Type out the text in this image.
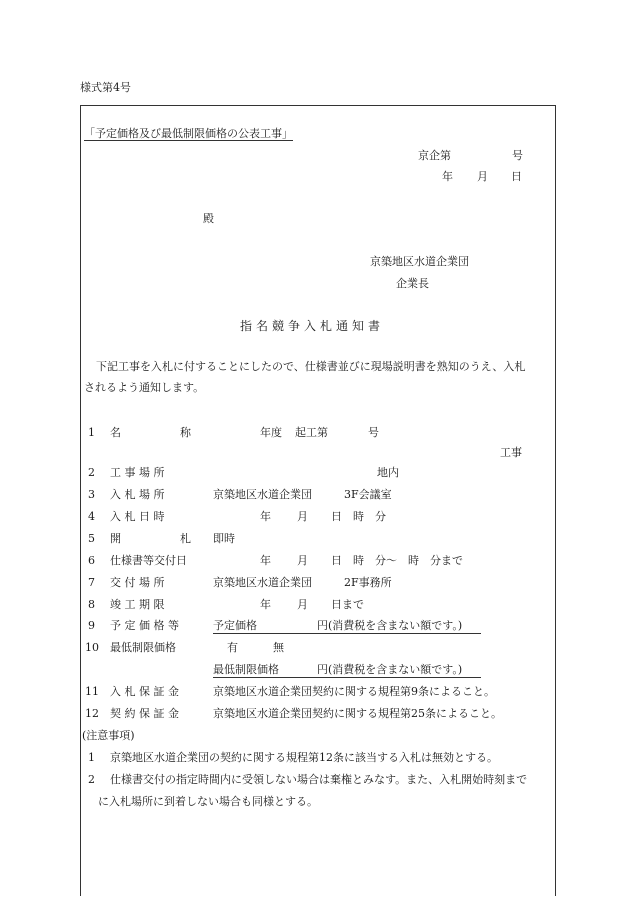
様式第4号
「予定価格及び最低制限価格の公表工事」
京企第	号
年 月 日
殿
京築地区水道企業団
企業長
指名競争入札通知書
下記工事を入札に付することにしたので、仕様書並びに現場説明書を熟知のうえ、入札
されるよう通知します。
1 名	称	年度 起工第	号
工事
2 工 事 場 所	地内
3 入 札 場 所	京築地区水道企業団	3F会議室
4 入 札 日 時	年 月 日　時　分
5 開	札 即時
6 仕様書等交付日	年 月 日　時　分～　時　分まで
7 交 付 場 所	京築地区水道企業団	2F事務所
8 竣 工 期 限	年 月 日まで
9 予 定 価 格 等	予定価格	円(消費税を含まない額です。)
10 最低制限価格	有	無
最低制限価格	円(消費税を含まない額です。)
11 入 札 保 証 金	京築地区水道企業団契約に関する規程第9条によること。
12 契 約 保 証 金	京築地区水道企業団契約に関する規程第25条によること。
(注意事項)
1 京築地区水道企業団の契約に関する規程第12条に該当する入札は無効とする。
2 仕様書交付の指定時間内に受領しない場合は棄権とみなす。また、入札開始時刻まで
に入札場所に到着しない場合も同様とする。
